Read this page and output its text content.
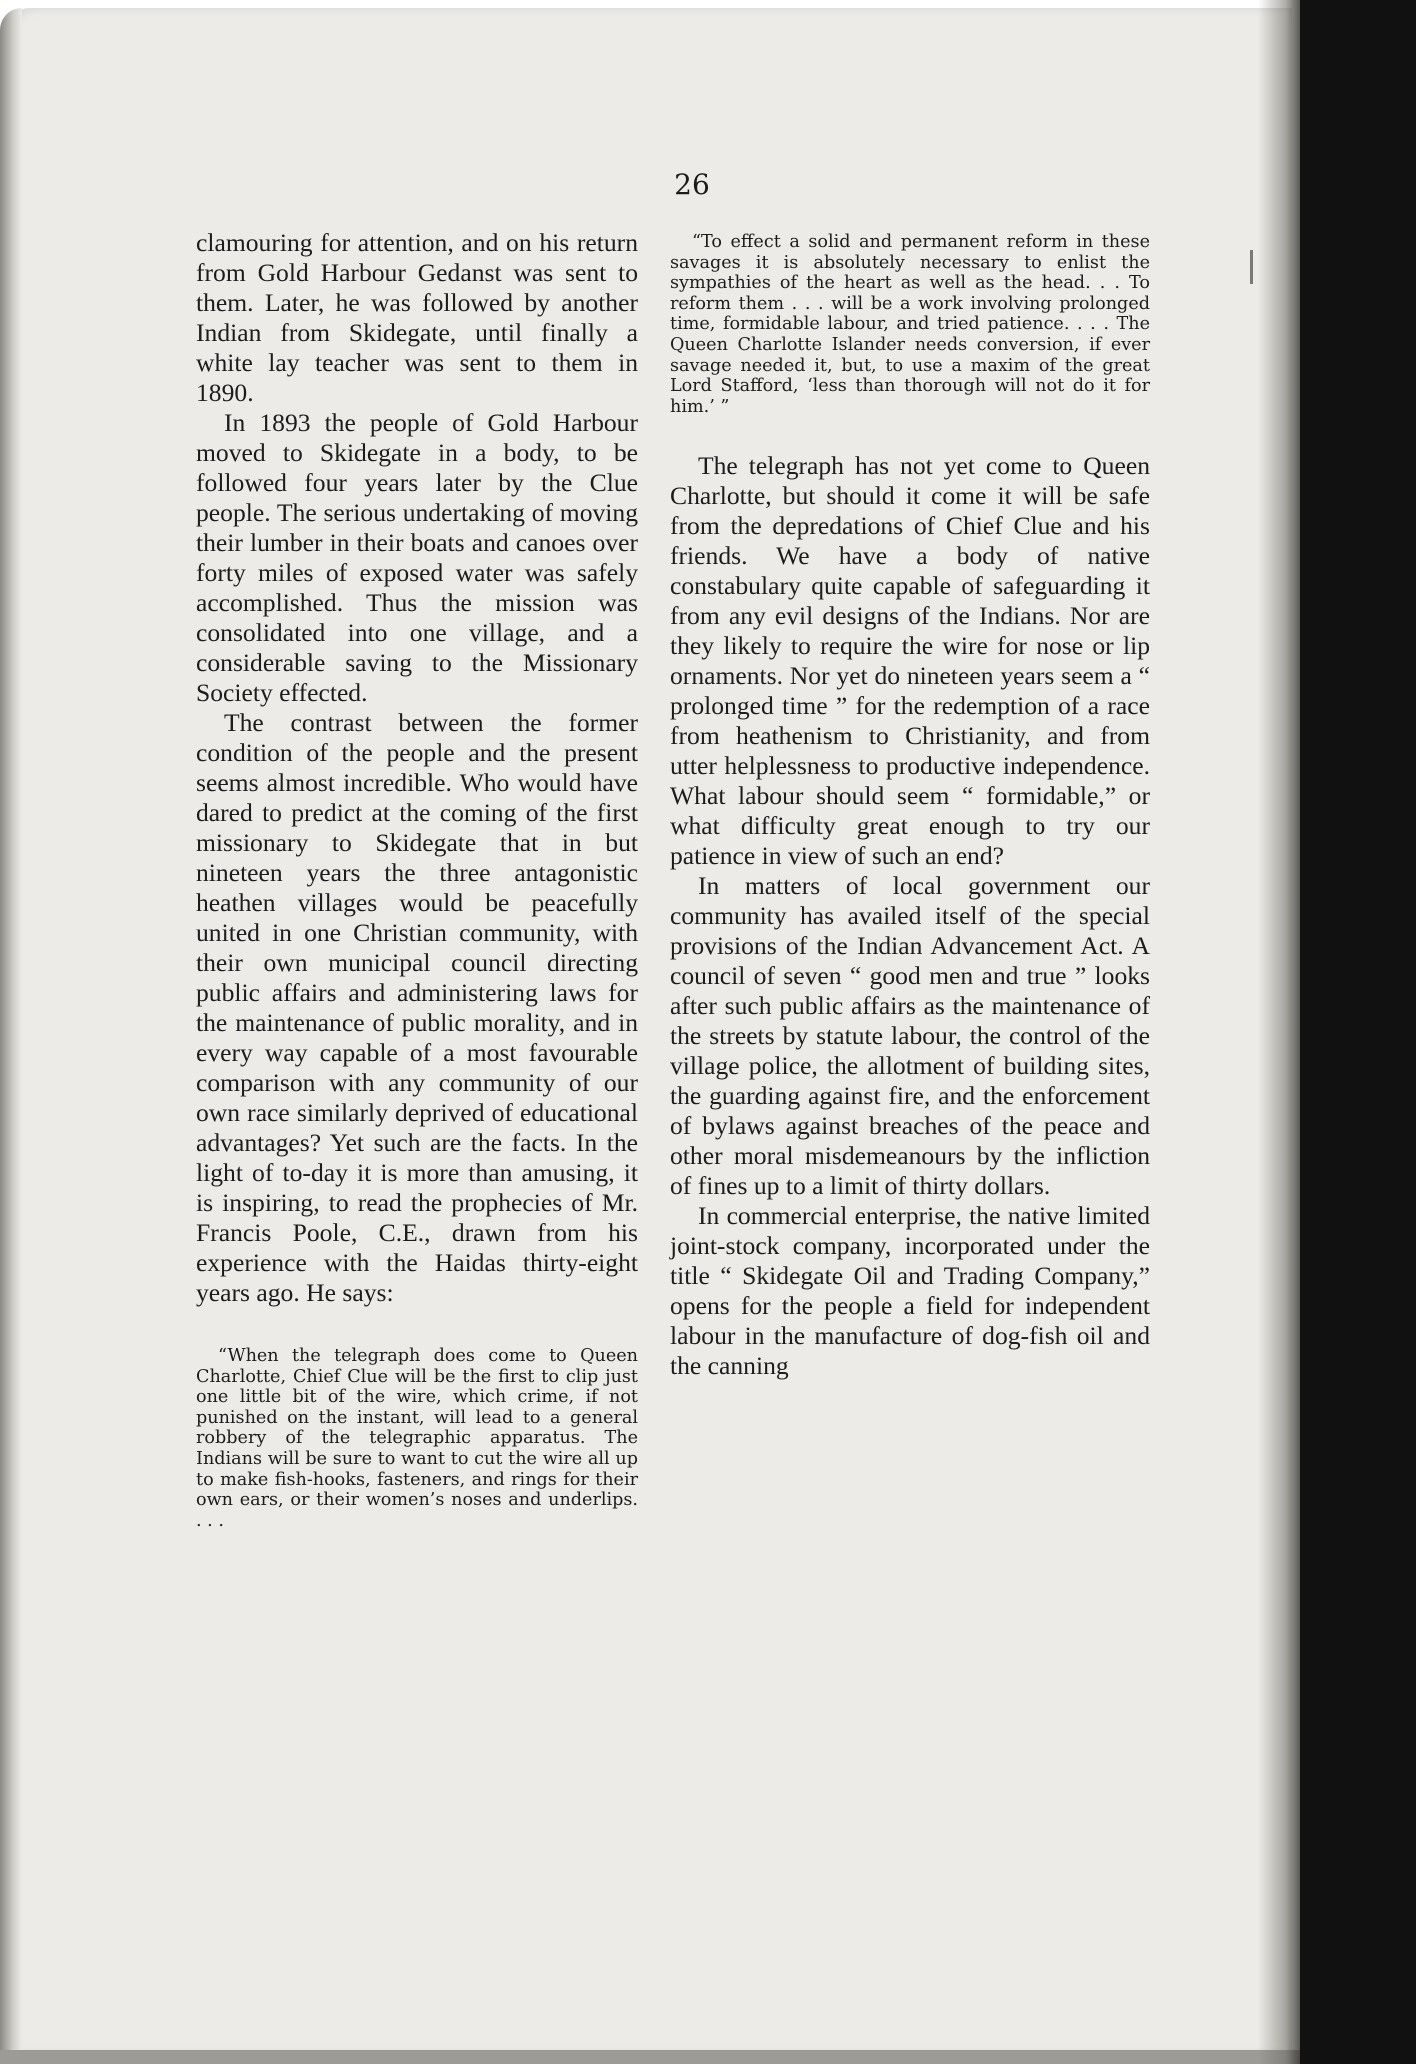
26

clamouring for attention, and on his return from Gold Harbour Gedanst was sent to them. Later, he was followed by another Indian from Skidegate, until finally a white lay teacher was sent to them in 1890.

In 1893 the people of Gold Harbour moved to Skidegate in a body, to be followed four years later by the Clue people. The serious undertaking of moving their lumber in their boats and canoes over forty miles of exposed water was safely accomplished. Thus the mission was consolidated into one village, and a considerable saving to the Missionary Society effected.

The contrast between the former condition of the people and the present seems almost incredible. Who would have dared to predict at the coming of the first missionary to Skidegate that in but nineteen years the three antagonistic heathen villages would be peacefully united in one Christian community, with their own municipal council directing public affairs and administering laws for the maintenance of public morality, and in every way capable of a most favourable comparison with any community of our own race similarly deprived of educational advantages? Yet such are the facts. In the light of to-day it is more than amusing, it is inspiring, to read the prophecies of Mr. Francis Poole, C.E., drawn from his experience with the Haidas thirty-eight years ago. He says:

“When the telegraph does come to Queen Charlotte, Chief Clue will be the first to clip just one little bit of the wire, which crime, if not punished on the instant, will lead to a general robbery of the telegraphic apparatus. The Indians will be sure to want to cut the wire all up to make fish-hooks, fasteners, and rings for their own ears, or their women’s noses and underlips. . . .

“To effect a solid and permanent reform in these savages it is absolutely necessary to enlist the sympathies of the heart as well as the head. . . To reform them . . . will be a work involving prolonged time, formidable labour, and tried patience. . . . The Queen Charlotte Islander needs conversion, if ever savage needed it, but, to use a maxim of the great Lord Stafford, ‘less than thorough will not do it for him.’ ”

The telegraph has not yet come to Queen Charlotte, but should it come it will be safe from the depredations of Chief Clue and his friends. We have a body of native constabulary quite capable of safeguarding it from any evil designs of the Indians. Nor are they likely to require the wire for nose or lip ornaments. Nor yet do nineteen years seem a “ prolonged time ” for the redemption of a race from heathenism to Christianity, and from utter helplessness to productive independence. What labour should seem “ formidable,” or what difficulty great enough to try our patience in view of such an end?

In matters of local government our community has availed itself of the special provisions of the Indian Advancement Act. A council of seven “ good men and true ” looks after such public affairs as the maintenance of the streets by statute labour, the control of the village police, the allotment of building sites, the guarding against fire, and the enforcement of bylaws against breaches of the peace and other moral misdemeanours by the infliction of fines up to a limit of thirty dollars.

In commercial enterprise, the native limited joint-stock company, incorporated under the title “ Skidegate Oil and Trading Company,” opens for the people a field for independent labour in the manufacture of dog-fish oil and the canning
